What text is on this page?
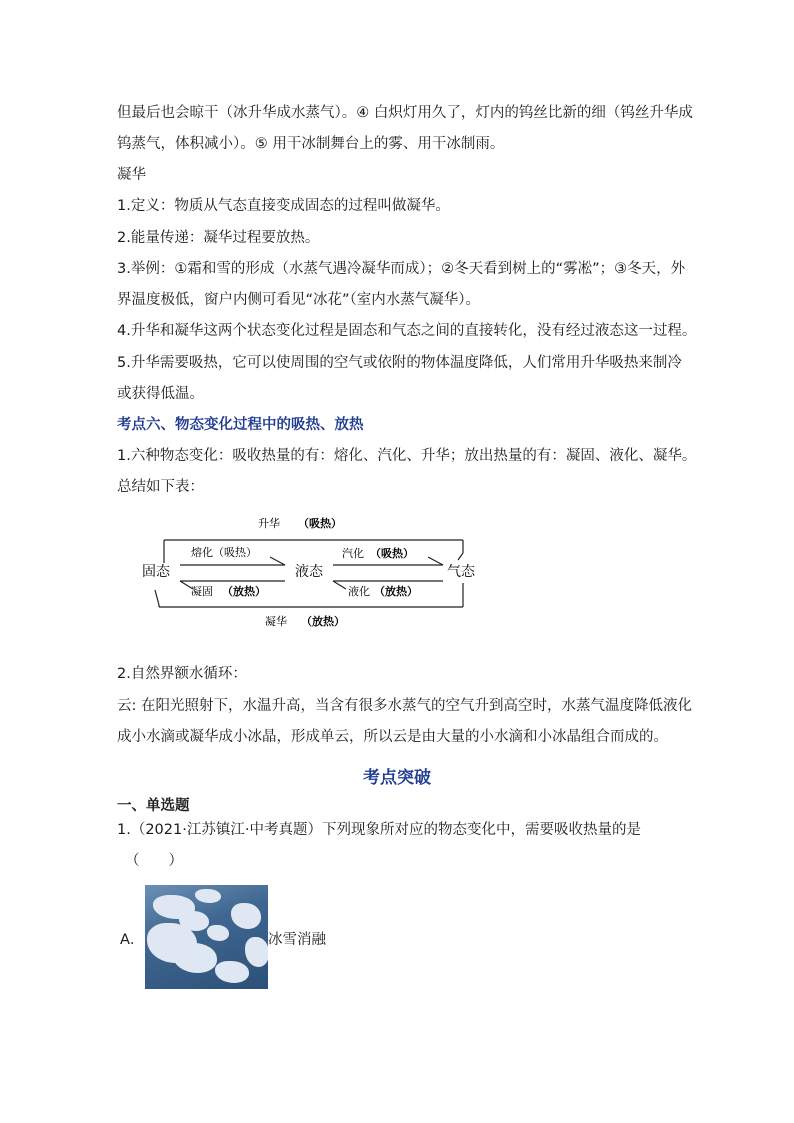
但最后也会晾干（冰升华成水蒸气）。④ 白炽灯用久了，灯内的钨丝比新的细（钨丝升华成
钨蒸气，体积减小）。⑤ 用干冰制舞台上的雾、用干冰制雨。
凝华
1.定义：物质从气态直接变成固态的过程叫做凝华。
2.能量传递：凝华过程要放热。
3.举例：①霜和雪的形成（水蒸气遇冷凝华而成）；②冬天看到树上的“雾凇”；③冬天，外
界温度极低，窗户内侧可看见“冰花”（室内水蒸气凝华）。
4.升华和凝华这两个状态变化过程是固态和气态之间的直接转化，没有经过液态这一过程。
5.升华需要吸热，它可以使周围的空气或依附的物体温度降低，人们常用升华吸热来制冷
或获得低温。
考点六、物态变化过程中的吸热、放热
1.六种物态变化：吸收热量的有：熔化、汽化、升华；放出热量的有：凝固、液化、凝华。
总结如下表：
升华 （吸热）
熔化（吸热）	汽化 （吸热）
固态	液态	气态
凝固 （放热）	液化 （放热）
凝华 （放热）
2.自然界额水循环：
云: 在阳光照射下，水温升高，当含有很多水蒸气的空气升到高空时，水蒸气温度降低液化
成小水滴或凝华成小冰晶，形成单云，所以云是由大量的小水滴和小冰晶组合而成的。
考点突破
一、单选题
1.（2021·江苏镇江·中考真题）下列现象所对应的物态变化中，需要吸收热量的是
（　　）
A．	冰雪消融
